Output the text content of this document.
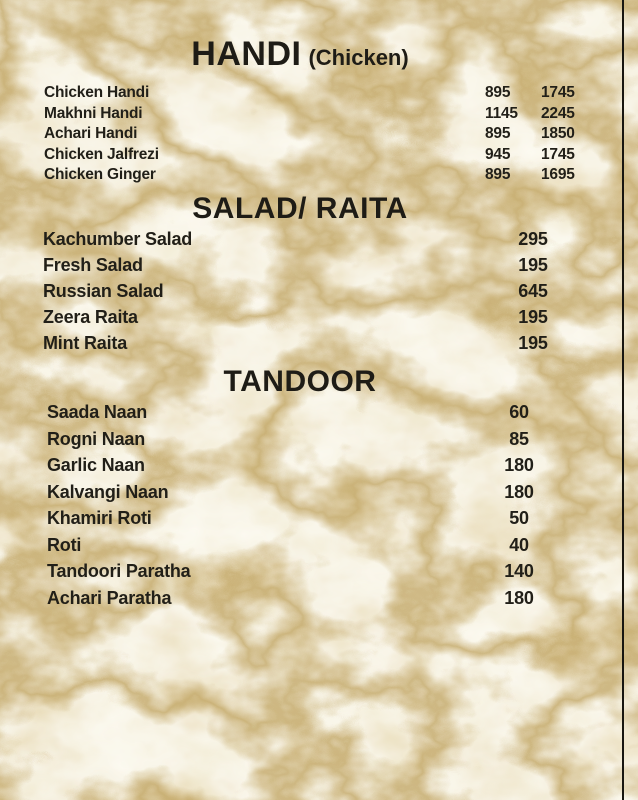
HANDI (Chicken)
Chicken Handi	895	1745
Makhni Handi	1145	2245
Achari Handi	895	1850
Chicken Jalfrezi	945	1745
Chicken Ginger	895	1695
SALAD/ RAITA
Kachumber Salad	295
Fresh Salad	195
Russian Salad	645
Zeera Raita	195
Mint Raita	195
TANDOOR
Saada Naan	60
Rogni Naan	85
Garlic Naan	180
Kalvangi Naan	180
Khamiri Roti	50
Roti	40
Tandoori Paratha	140
Achari Paratha	180
